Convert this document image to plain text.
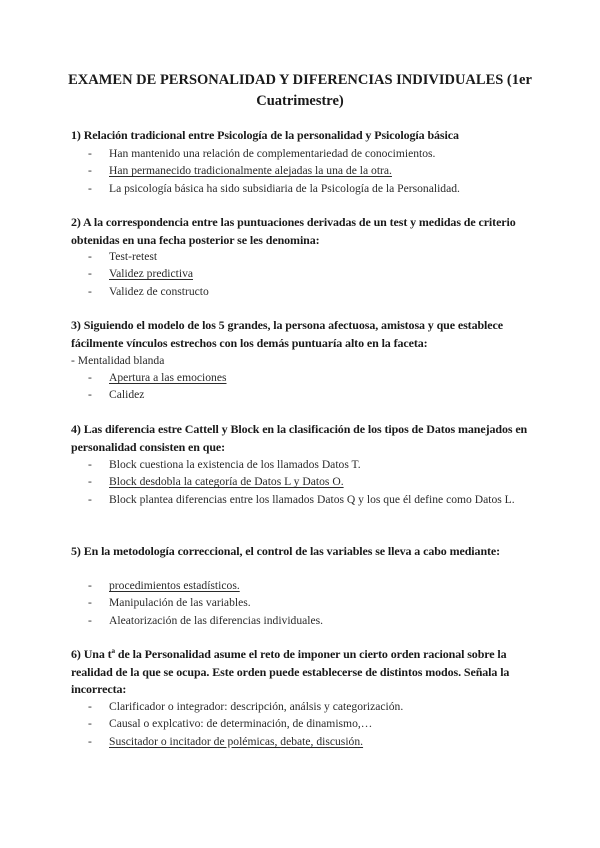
EXAMEN DE PERSONALIDAD Y DIFERENCIAS INDIVIDUALES (1er Cuatrimestre)
1) Relación tradicional entre Psicología de la personalidad y Psicología básica
- Han mantenido una relación de complementariedad de conocimientos.
- Han permanecido tradicionalmente alejadas la una de la otra.
- La psicología básica ha sido subsidiaria de la Psicología de la Personalidad.
2) A la correspondencia entre las puntuaciones derivadas de un test y medidas de criterio obtenidas en una fecha posterior se les denomina:
- Test-retest
- Validez predictiva
- Validez de constructo
3) Siguiendo el modelo de los 5 grandes, la persona afectuosa, amistosa y que establece fácilmente vínculos estrechos con los demás puntuaría alto en la faceta:
- Mentalidad blanda
- Apertura a las emociones
- Calidez
4) Las diferencia estre Cattell y Block en la clasificación de los tipos de Datos manejados en personalidad consisten en que:
- Block cuestiona la existencia de los llamados Datos T.
- Block desdobla la categoría de Datos L y Datos O.
- Block plantea diferencias entre los llamados Datos Q y los que él define como Datos L.
5) En la metodología correccional, el control de las variables se lleva a cabo mediante:
- procedimientos estadísticos.
- Manipulación de las variables.
- Aleatorización de las diferencias individuales.
6) Una tª de la Personalidad asume el reto de imponer un cierto orden racional sobre la realidad de la que se ocupa. Este orden puede establecerse de distintos modos. Señala la incorrecta:
- Clarificador o integrador: descripción, análsis y categorización.
- Causal o explcativo: de determinación, de dinamismo,…
- Suscitador o incitador de polémicas, debate, discusión.
